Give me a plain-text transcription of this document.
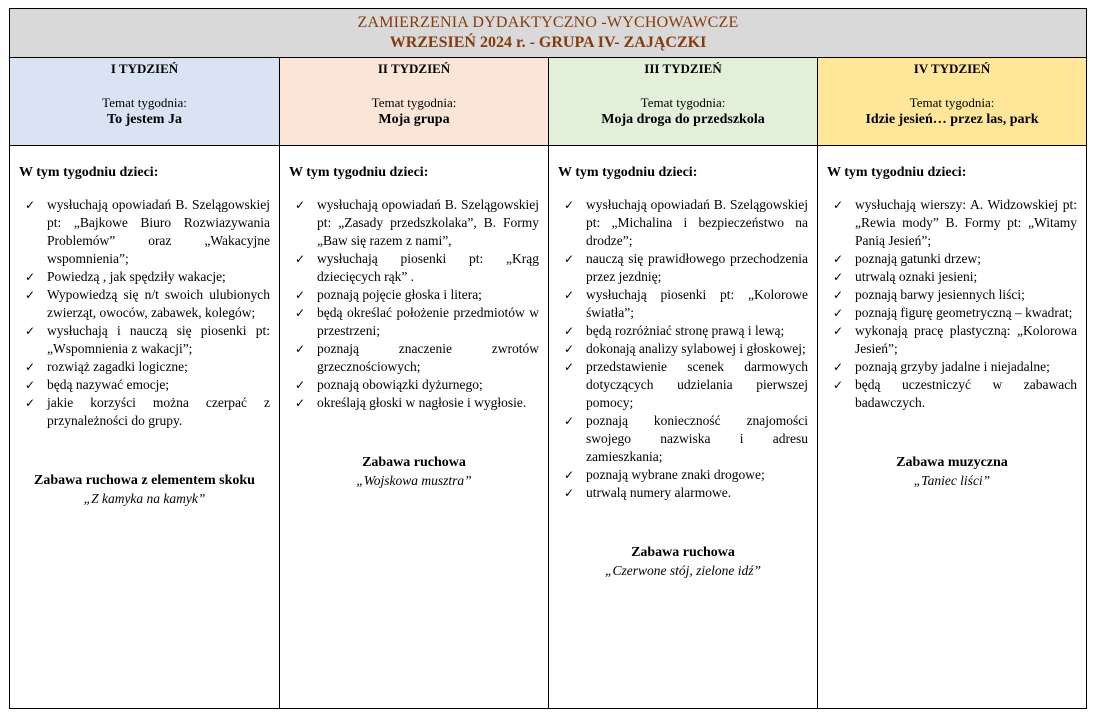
ZAMIERZENIA DYDAKTYCZNO -WYCHOWAWCZE
WRZESIEŃ 2024 r. - GRUPA IV- ZAJĄCZKI
I TYDZIEŃ
Temat tygodnia:
To jestem Ja
II TYDZIEŃ
Temat tygodnia:
Moja grupa
III TYDZIEŃ
Temat tygodnia:
Moja droga do przedszkola
IV TYDZIEŃ
Temat tygodnia:
Idzie jesień… przez las, park
W tym tygodniu dzieci:
✓ wysłuchają opowiadań B. Szelągowskiej pt: „Bajkowe Biuro Rozwiazywania Problemów” oraz „Wakacyjne wspomnienia”;
✓ Powiedzą , jak spędziły wakacje;
✓ Wypowiedzą się n/t swoich ulubionych zwierząt, owoców, zabawek, kolegów;
✓ wysłuchają i nauczą się piosenki pt: „Wspomnienia z wakacji”;
✓ rozwiąż zagadki logiczne;
✓ będą nazywać emocje;
✓ jakie korzyści można czerpać z przynależności do grupy.
Zabawa ruchowa z elementem skoku
„Z kamyka na kamyk”
W tym tygodniu dzieci:
✓ wysłuchają opowiadań B. Szelągowskiej pt: „Zasady przedszkolaka”, B. Formy „Baw się razem z nami”,
✓ wysłuchają piosenki pt: „Krąg dziecięcych rąk” .
✓ poznają pojęcie głoska i litera;
✓ będą określać położenie przedmiotów w przestrzeni;
✓ poznają znaczenie zwrotów grzecznościowych;
✓ poznają obowiązki dyżurnego;
✓ określają głoski w nagłosie i wygłosie.
Zabawa ruchowa
„Wojskowa musztra”
W tym tygodniu dzieci:
✓ wysłuchają opowiadań B. Szelągowskiej pt: „Michalina i bezpieczeństwo na drodze”;
✓ nauczą się prawidłowego przechodzenia przez jezdnię;
✓ wysłuchają piosenki pt: „Kolorowe światła”;
✓ będą rozróżniać stronę prawą i lewą;
✓ dokonają analizy sylabowej i głoskowej;
✓ przedstawienie scenek darmowych dotyczących udzielania pierwszej pomocy;
✓ poznają konieczność znajomości swojego nazwiska i adresu zamieszkania;
✓ poznają wybrane znaki drogowe;
✓ utrwalą numery alarmowe.
Zabawa ruchowa
„Czerwone stój, zielone idź”
W tym tygodniu dzieci:
✓ wysłuchają wierszy: A. Widzowskiej pt: „Rewia mody” B. Formy pt: „Witamy Panią Jesień”;
✓ poznają gatunki drzew;
✓ utrwalą oznaki jesieni;
✓ poznają barwy jesiennych liści;
✓ poznają figurę geometryczną – kwadrat;
✓ wykonają pracę plastyczną: „Kolorowa Jesień”;
✓ poznają grzyby jadalne i niejadalne;
✓ będą uczestniczyć w zabawach badawczych.
Zabawa muzyczna
„Taniec liści”
